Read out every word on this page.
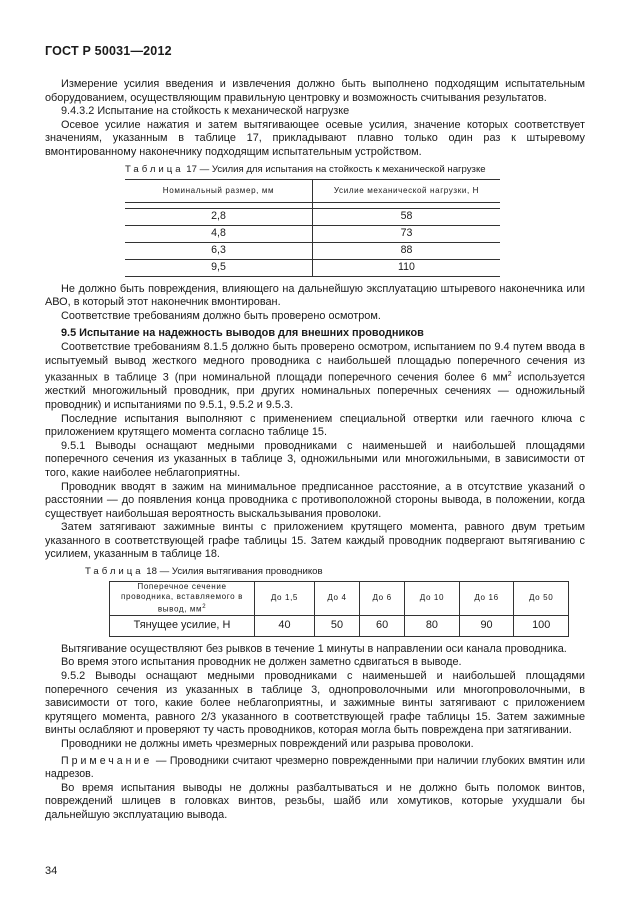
ГОСТ Р 50031—2012

Измерение усилия введения и извлечения должно быть выполнено подходящим испытательным оборудованием, осуществляющим правильную центровку и возможность считывания результатов.

9.4.3.2 Испытание на стойкость к механической нагрузке

Осевое усилие нажатия и затем вытягивающее осевые усилия, значение которых соответствует значениям, указанным в таблице 17, прикладывают плавно только один раз к штыревому вмонтированному наконечнику подходящим испытательным устройством.

Таблица 17 — Усилия для испытания на стойкость к механической нагрузке
Номинальный размер, мм	Усилие механической нагрузки, Н

2,8	58
4,8	73
6,3	88
9,5	110

Не должно быть повреждения, влияющего на дальнейшую эксплуатацию штыревого наконечника или АВО, в который этот наконечник вмонтирован.

Соответствие требованиям должно быть проверено осмотром.

9.5 Испытание на надежность выводов для внешних проводников

Соответствие требованиям 8.1.5 должно быть проверено осмотром, испытанием по 9.4 путем ввода в испытуемый вывод жесткого медного проводника с наибольшей площадью поперечного сечения из указанных в таблице 3 (при номинальной площади поперечного сечения более 6 $мм^2$ используется жесткий многожильный проводник, при других номинальных поперечных сечениях — одножильный проводник) и испытаниями по 9.5.1, 9.5.2 и 9.5.3.

Последние испытания выполняют с применением специальной отвертки или гаечного ключа с приложением крутящего момента согласно таблице 15.

9.5.1 Выводы оснащают медными проводниками с наименьшей и наибольшей площадями поперечного сечения из указанных в таблице 3, одножильными или многожильными, в зависимости от того, какие наиболее неблагоприятны.

Проводник вводят в зажим на минимальное предписанное расстояние, а в отсутствие указаний о расстоянии — до появления конца проводника с противоположной стороны вывода, в положении, когда существует наибольшая вероятность выскальзывания проволоки.

Затем затягивают зажимные винты с приложением крутящего момента, равного двум третьим указанного в соответствующей графе таблицы 15. Затем каждый проводник подвергают вытягиванию с усилием, указанным в таблице 18.

Таблица 18 — Усилия вытягивания проводников
Поперечное сечение проводника, вставляемого в вывод, $мм^2$	До 1,5	До 4	До 6	До 10	До 16	До 50
Тянущее усилие, Н	40	50	60	80	90	100

Вытягивание осуществляют без рывков в течение 1 минуты в направлении оси канала проводника.

Во время этого испытания проводник не должен заметно сдвигаться в выводе.

9.5.2 Выводы оснащают медными проводниками с наименьшей и наибольшей площадями поперечного сечения из указанных в таблице 3, однопроволочными или многопроволочными, в зависимости от того, какие более неблагоприятны, и зажимные винты затягивают с приложением крутящего момента, равного 2/3 указанного в соответствующей графе таблицы 15. Затем зажимные винты ослабляют и проверяют ту часть проводников, которая могла быть повреждена при затягивании.

Проводники не должны иметь чрезмерных повреждений или разрыва проволоки.

Примечание — Проводники считают чрезмерно поврежденными при наличии глубоких вмятин или надрезов.

Во время испытания выводы не должны разбалтываться и не должно быть поломок винтов, повреждений шлицев в головках винтов, резьбы, шайб или хомутиков, которые ухудшали бы дальнейшую эксплуатацию вывода.

34
